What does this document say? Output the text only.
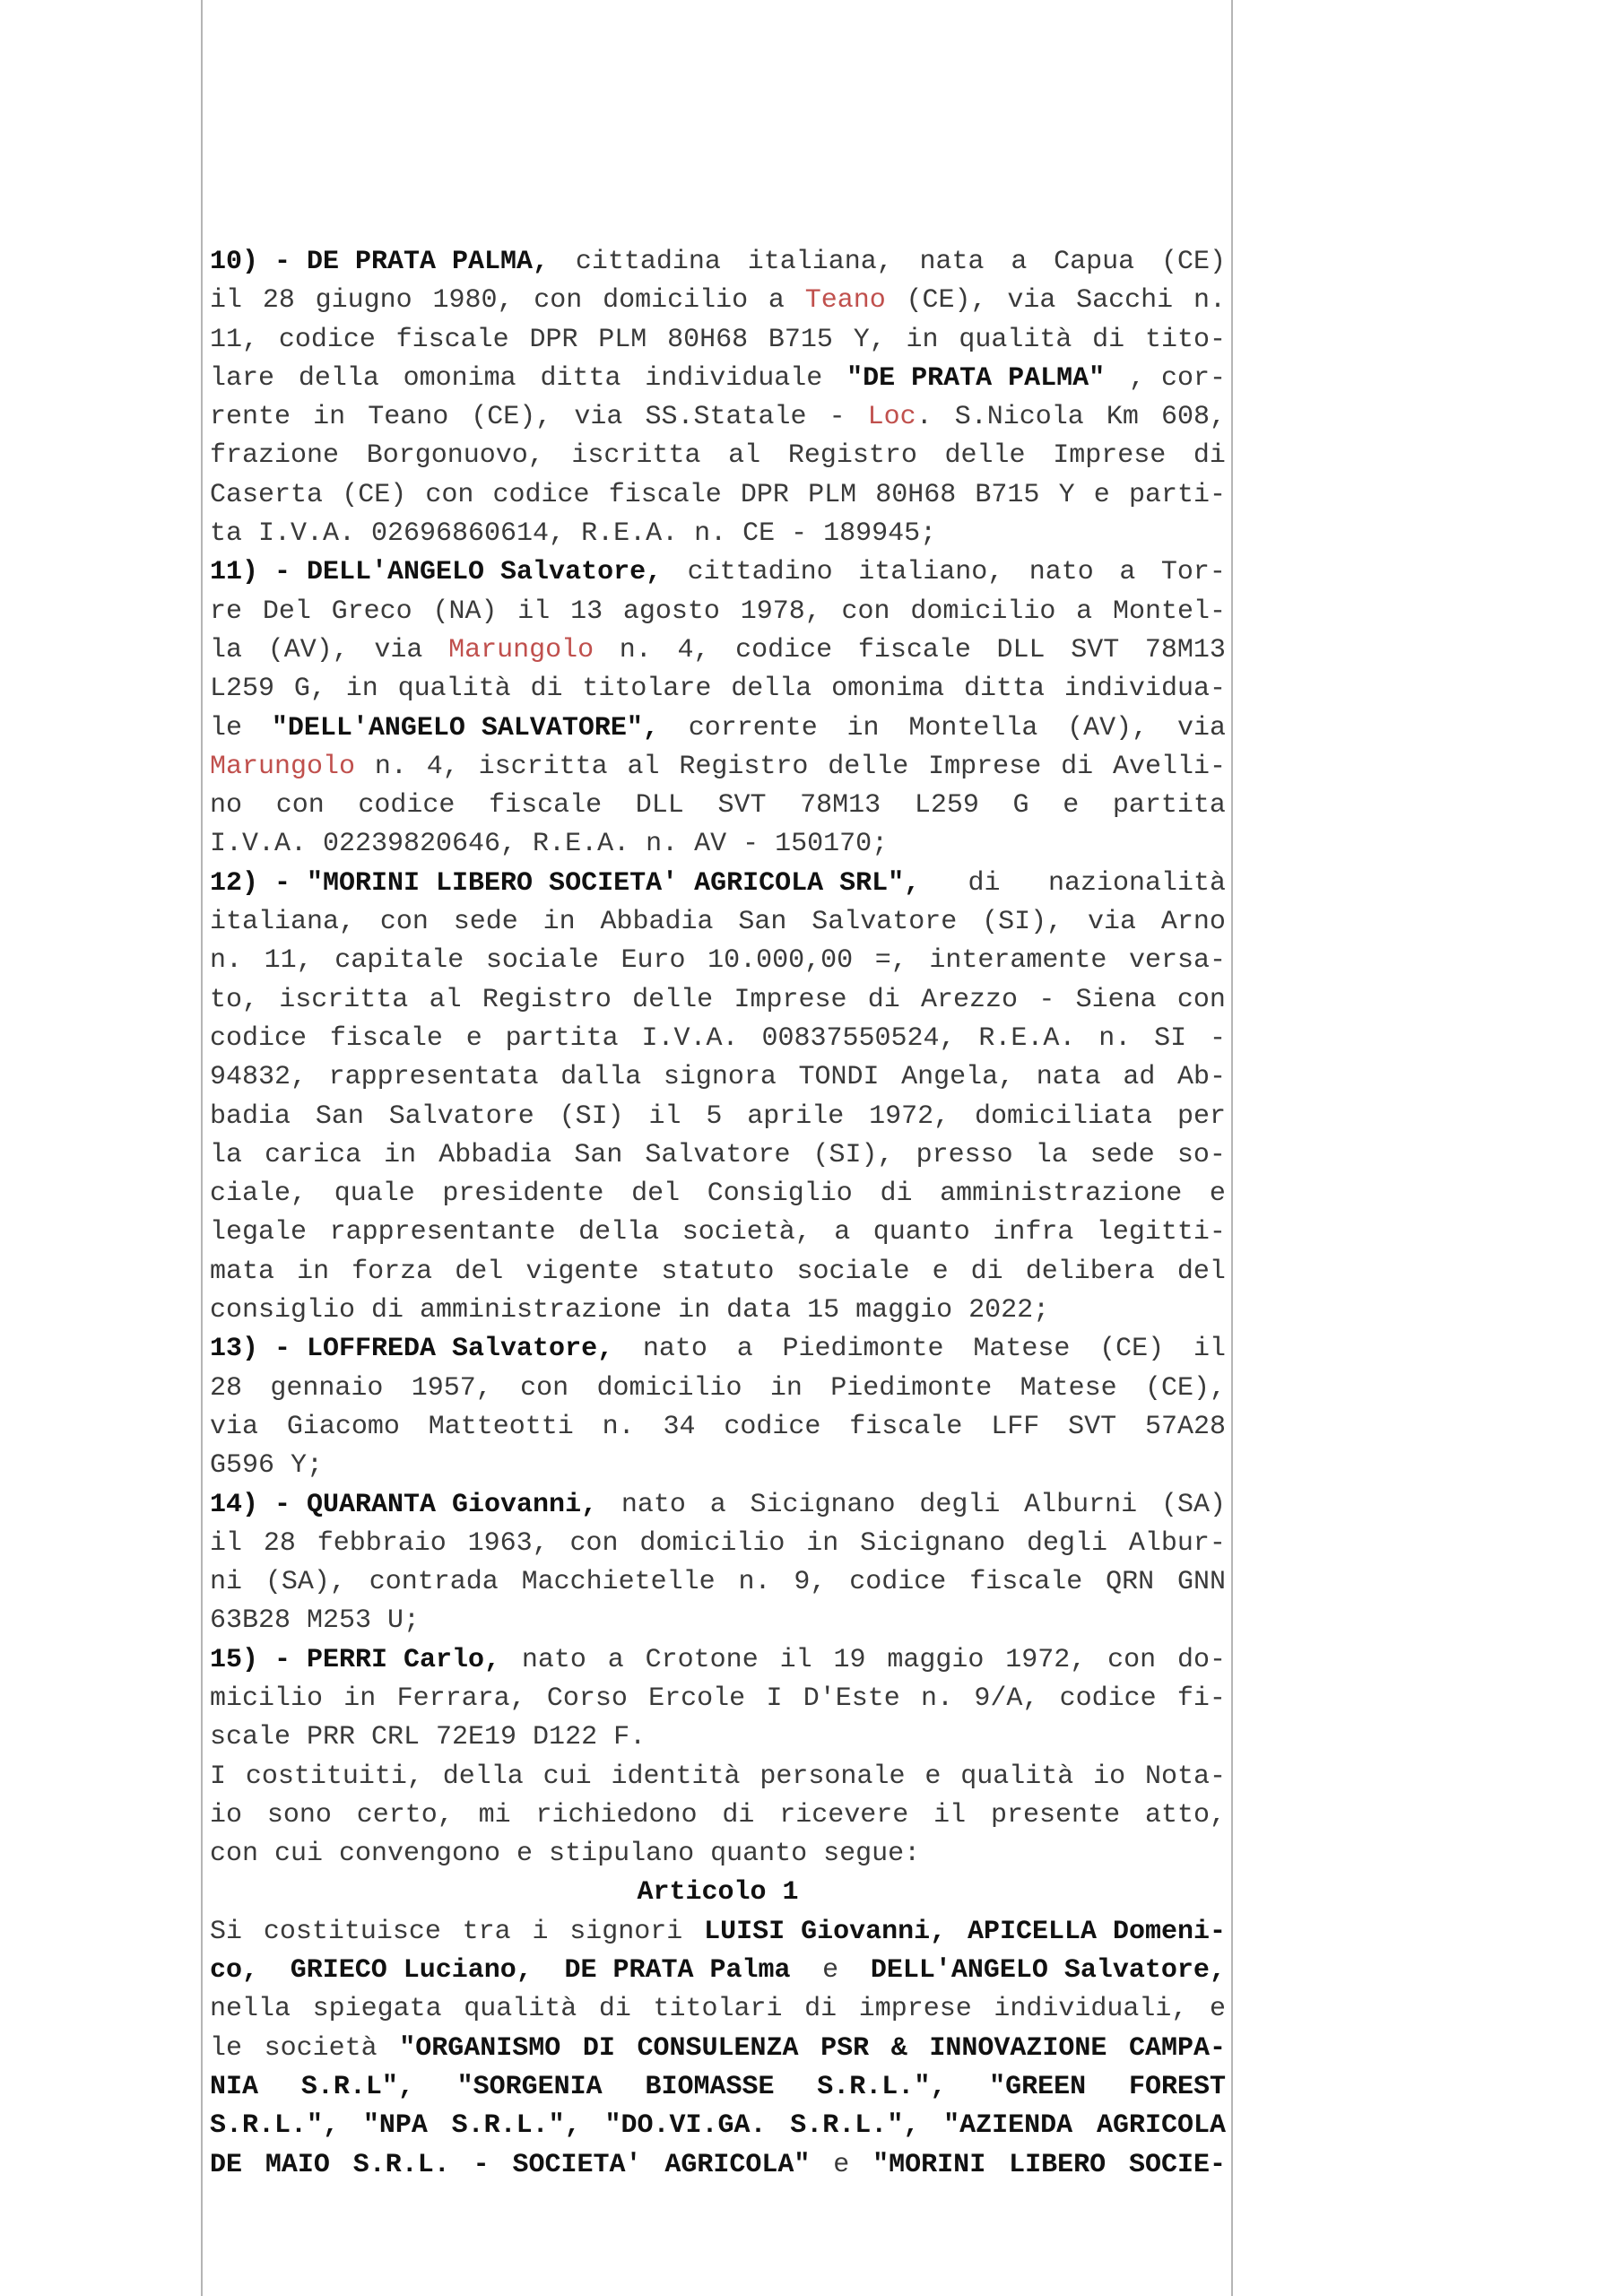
10) - DE PRATA PALMA, cittadina italiana, nata a Capua (CE)
il 28 giugno 1980, con domicilio a Teano (CE), via Sacchi n.
11, codice fiscale DPR PLM 80H68 B715 Y, in qualità di tito-
lare della omonima ditta individuale "DE PRATA PALMA" , cor-
rente in Teano (CE), via SS.Statale - Loc. S.Nicola Km 608,
frazione Borgonuovo, iscritta al Registro delle Imprese di
Caserta (CE) con codice fiscale DPR PLM 80H68 B715 Y e parti-
ta I.V.A. 02696860614, R.E.A. n. CE - 189945;
11) - DELL'ANGELO Salvatore, cittadino italiano, nato a Tor-
re Del Greco (NA) il 13 agosto 1978, con domicilio a Montel-
la (AV), via Marungolo n. 4, codice fiscale DLL SVT 78M13
L259 G, in qualità di titolare della omonima ditta individua-
le "DELL'ANGELO SALVATORE", corrente in Montella (AV), via
Marungolo n. 4, iscritta al Registro delle Imprese di Avelli-
no con codice fiscale DLL SVT 78M13 L259 G e partita
I.V.A. 02239820646, R.E.A. n. AV - 150170;
12) - "MORINI LIBERO SOCIETA' AGRICOLA SRL", di nazionalità
italiana, con sede in Abbadia San Salvatore (SI), via Arno
n. 11, capitale sociale Euro 10.000,00 =, interamente versa-
to, iscritta al Registro delle Imprese di Arezzo - Siena con
codice fiscale e partita I.V.A. 00837550524, R.E.A. n. SI -
94832, rappresentata dalla signora TONDI Angela, nata ad Ab-
badia San Salvatore (SI) il 5 aprile 1972, domiciliata per
la carica in Abbadia San Salvatore (SI), presso la sede so-
ciale, quale presidente del Consiglio di amministrazione e
legale rappresentante della società, a quanto infra legitti-
mata in forza del vigente statuto sociale e di delibera del
consiglio di amministrazione in data 15 maggio 2022;
13) - LOFFREDA Salvatore, nato a Piedimonte Matese (CE) il
28 gennaio 1957, con domicilio in Piedimonte Matese (CE),
via Giacomo Matteotti n. 34 codice fiscale LFF SVT 57A28
G596 Y;
14) - QUARANTA Giovanni, nato a Sicignano degli Alburni (SA)
il 28 febbraio 1963, con domicilio in Sicignano degli Albur-
ni (SA), contrada Macchietelle n. 9, codice fiscale QRN GNN
63B28 M253 U;
15) - PERRI Carlo, nato a Crotone il 19 maggio 1972, con do-
micilio in Ferrara, Corso Ercole I D'Este n. 9/A, codice fi-
scale PRR CRL 72E19 D122 F.
I costituiti, della cui identità personale e qualità io Nota-
io sono certo, mi richiedono di ricevere il presente atto,
con cui convengono e stipulano quanto segue:
Articolo 1
Si costituisce tra i signori LUISI Giovanni, APICELLA Domeni-
co, GRIECO Luciano, DE PRATA Palma e DELL'ANGELO Salvatore,
nella spiegata qualità di titolari di imprese individuali, e
le società "ORGANISMO DI CONSULENZA PSR & INNOVAZIONE CAMPA-
NIA S.R.L", "SORGENIA BIOMASSE S.R.L.", "GREEN FOREST
S.R.L.", "NPA S.R.L.", "DO.VI.GA. S.R.L.", "AZIENDA AGRICOLA
DE MAIO S.R.L. - SOCIETA' AGRICOLA" e "MORINI LIBERO SOCIE-
